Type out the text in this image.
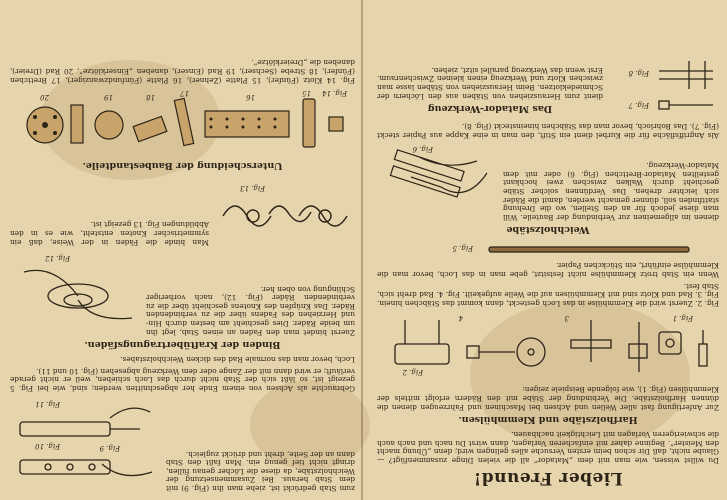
Lieber Freund!

Du willst wissen, wie man mit dem „Matador“ all die vielen Dinge zusammenfügt? — Glaube nicht, daß Dir schon beim ersten Versuche alles gelingen wird; denn „Übung macht den Meister“. Beginne daher mit einfacheren Vorlagen, dann wirst Du nach und nach auch die schwierigeren Vorlagen mit Leichtigkeit nachbauen.

Harfholzstäbe und Klemmhülsen.

Zur Anfertigung fast aller Wellen und Achsen bei Maschinen und Fahrzeugen dienen die dünnen Harfholzstäbe. Die Verbindung der Stäbe mit den Rädern erfolgt mittels der Klemmhülsen (Fig. 1), wie folgende Beispiele zeigen:

Fig. 1
3
4
Fig. 2

Fig. 2. Zuerst wird die Klemmhülse in das Loch gesteckt, dann kommt das Stäbchen hinein. Fig. 3. Rad und Klotz sind mit Klemmhülsen auf die Welle aufgekeilt. Fig. 4. Rad dreht sich, Stab fest.

Wenn ein Stab trotz Klemmhülse nicht festsitzt, gebe man in das Loch, bevor man die Klemmhülse einführt, ein Stückchen Papier.

Fig. 5
Weichholzstäbe

dienen im allgemeinen zur Verbindung der Bauteile. Will man diese jedoch für an den Stellen, wo die Drehung stattfinden soll, dünner gemacht werden, damit die Räder sich leichter drehen. Das Verdünnen solcher Stäbe geschieht durch Walken zwischen zwei hochkant gestellten Matador-Brettchen (Fig. 6) oder mit dem Matador-Werkzeug.

Fig. 6

Als Angriffsfläche für die Kurbel dient ein Stift, den man in eine Kappe aus Papier steckt (Fig. 7). Das Bohrloch, bevor man das Stäbchen hineinsteckt (Fig. 8).

Fig. 7
Fig. 8
Das Matador-Werkzeug

dient zum Herausziehen von Stäben aus den Löchern der Schmiedeklotzen. Beim Herausziehen von Stäben lasse man zwischen Klotz und Werkzeug einen kleinen Zwischenraum. Erst wenn das Werkzeug parallel sitzt, ziehen.

zum Stab gedrückt ist, ziehe man ihn (Fig. 9) mit dem Stab heraus. Bei Zusammensetzung der Weichholzstäbe, da diese die Löcher genau füllen, dringt nicht tief genug ein. Man faßt den Stab dann an der Seite, dreht und drückt zugleich.

Fig. 9
Fig. 10
Fig. 11

Gebrauchte als Achsen von einem Ende her abgeschnitten werden; sind, wie bei Fig. 5 gezeigt ist, so läßt sich der Stab nicht durch das Loch schieben, weil er nicht gerade verläuft; er wird dann mit der Zange oder dem Werkzeug abgesehen (Fig. 10 und 11).

Loch, bevor man das normale Rad des dicken Weichholzstabes.

Binden der Kraftübertragungsfäden.

Zuerst bindet man den Faden an einen Stab, legt ihn um beide Räder. Dies geschieht am besten durch Hin- und Herziehen des Fadens über die zu verbindenden Räder. Das Knüpfen des Knotens geschieht über die zu verbindenden Räder (Fig. 12), nach vorheriger Schlingung von oben her.

Fig. 12
Fig. 13

Man binde die Fäden in der Weise, daß ein symmetrischer Knoten entsteht, wie es in den Abbildungen Fig. 13 gezeigt ist.

Unterscheidung der Baubestandteile.
Fig. 14
15
16
17
18
19
20

Fig. 14 Klotz (Fünfer), 15 Platte (Zehner), 16 Platte (Fünfundzwanziger), 17 Brettchen (Fünfer), 18 Strebe (Sechser), 19 Rad (Einser), daneben „Einserklötze“, 20 Rad (Dreier), daneben die „Dreierklötze“.
